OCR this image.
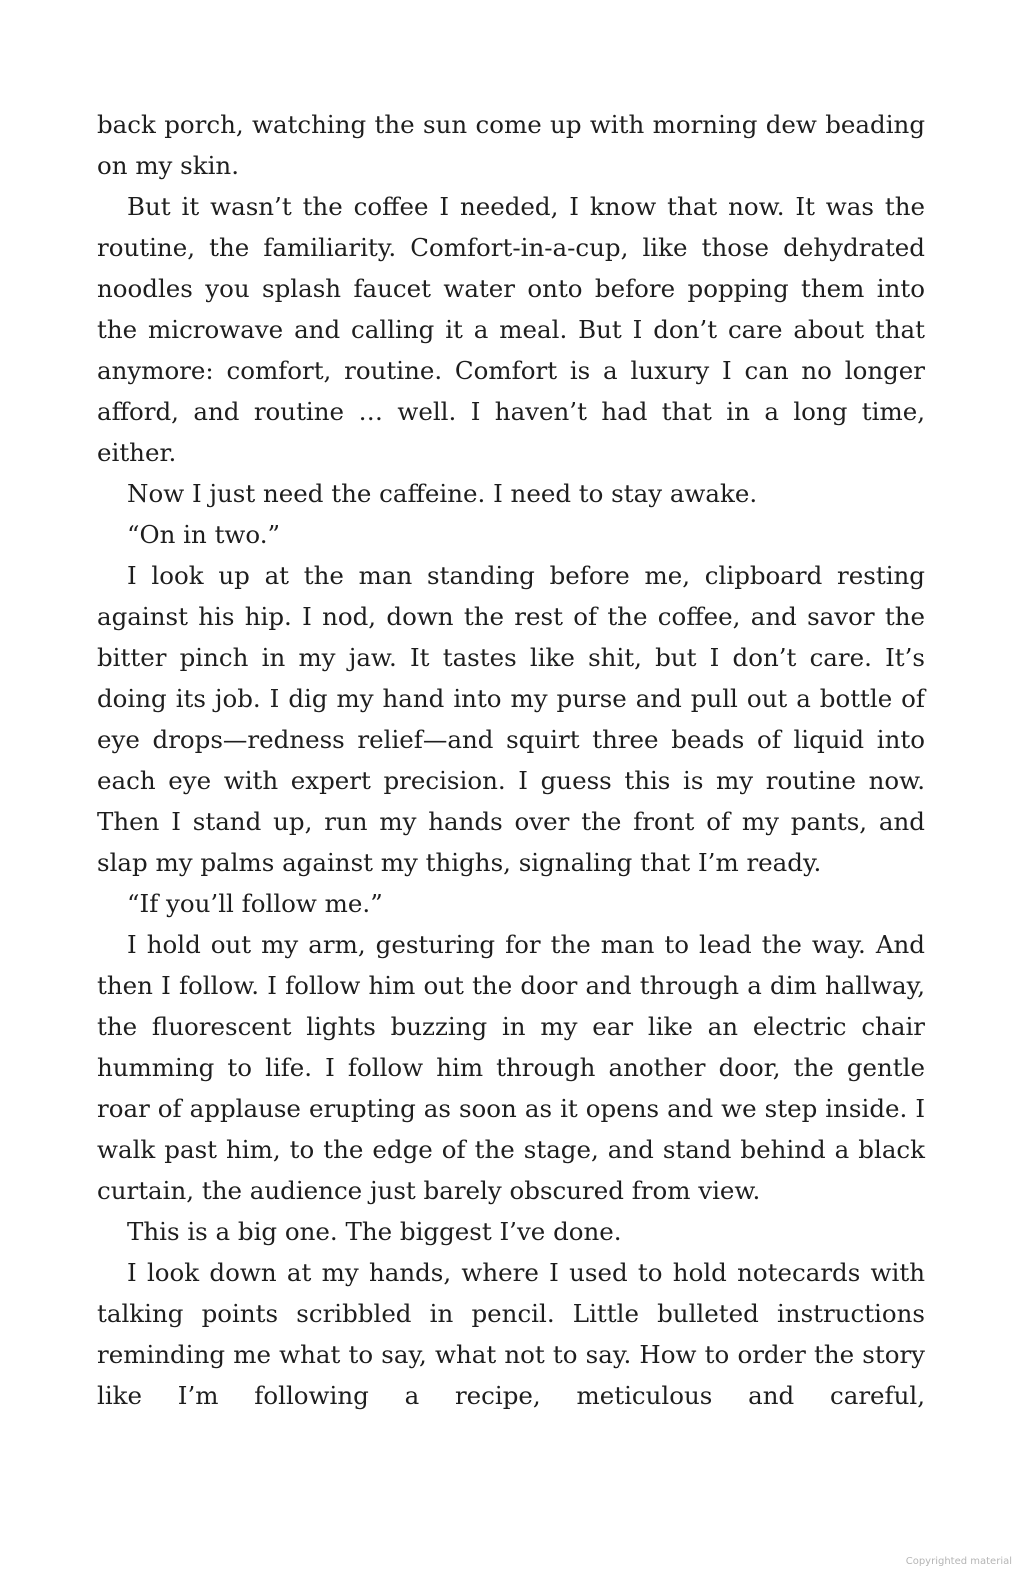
back porch, watching the sun come up with morning dew beading on my skin.

But it wasn’t the coffee I needed, I know that now. It was the routine, the familiarity. Comfort-in-a-cup, like those dehydrated noodles you splash faucet water onto before popping them into the microwave and calling it a meal. But I don’t care about that anymore: comfort, routine. Comfort is a luxury I can no longer afford, and routine … well. I haven’t had that in a long time, either.

Now I just need the caffeine. I need to stay awake.

“On in two.”

I look up at the man standing before me, clipboard resting against his hip. I nod, down the rest of the coffee, and savor the bitter pinch in my jaw. It tastes like shit, but I don’t care. It’s doing its job. I dig my hand into my purse and pull out a bottle of eye drops—redness relief—and squirt three beads of liquid into each eye with expert precision. I guess this is my routine now. Then I stand up, run my hands over the front of my pants, and slap my palms against my thighs, signaling that I’m ready.

“If you’ll follow me.”

I hold out my arm, gesturing for the man to lead the way. And then I follow. I follow him out the door and through a dim hallway, the fluorescent lights buzzing in my ear like an electric chair humming to life. I follow him through another door, the gentle roar of applause erupting as soon as it opens and we step inside. I walk past him, to the edge of the stage, and stand behind a black curtain, the audience just barely obscured from view.

This is a big one. The biggest I’ve done.

I look down at my hands, where I used to hold notecards with talking points scribbled in pencil. Little bulleted instructions reminding me what to say, what not to say. How to order the story like I’m following a recipe, meticulous and careful,

Copyrighted material
